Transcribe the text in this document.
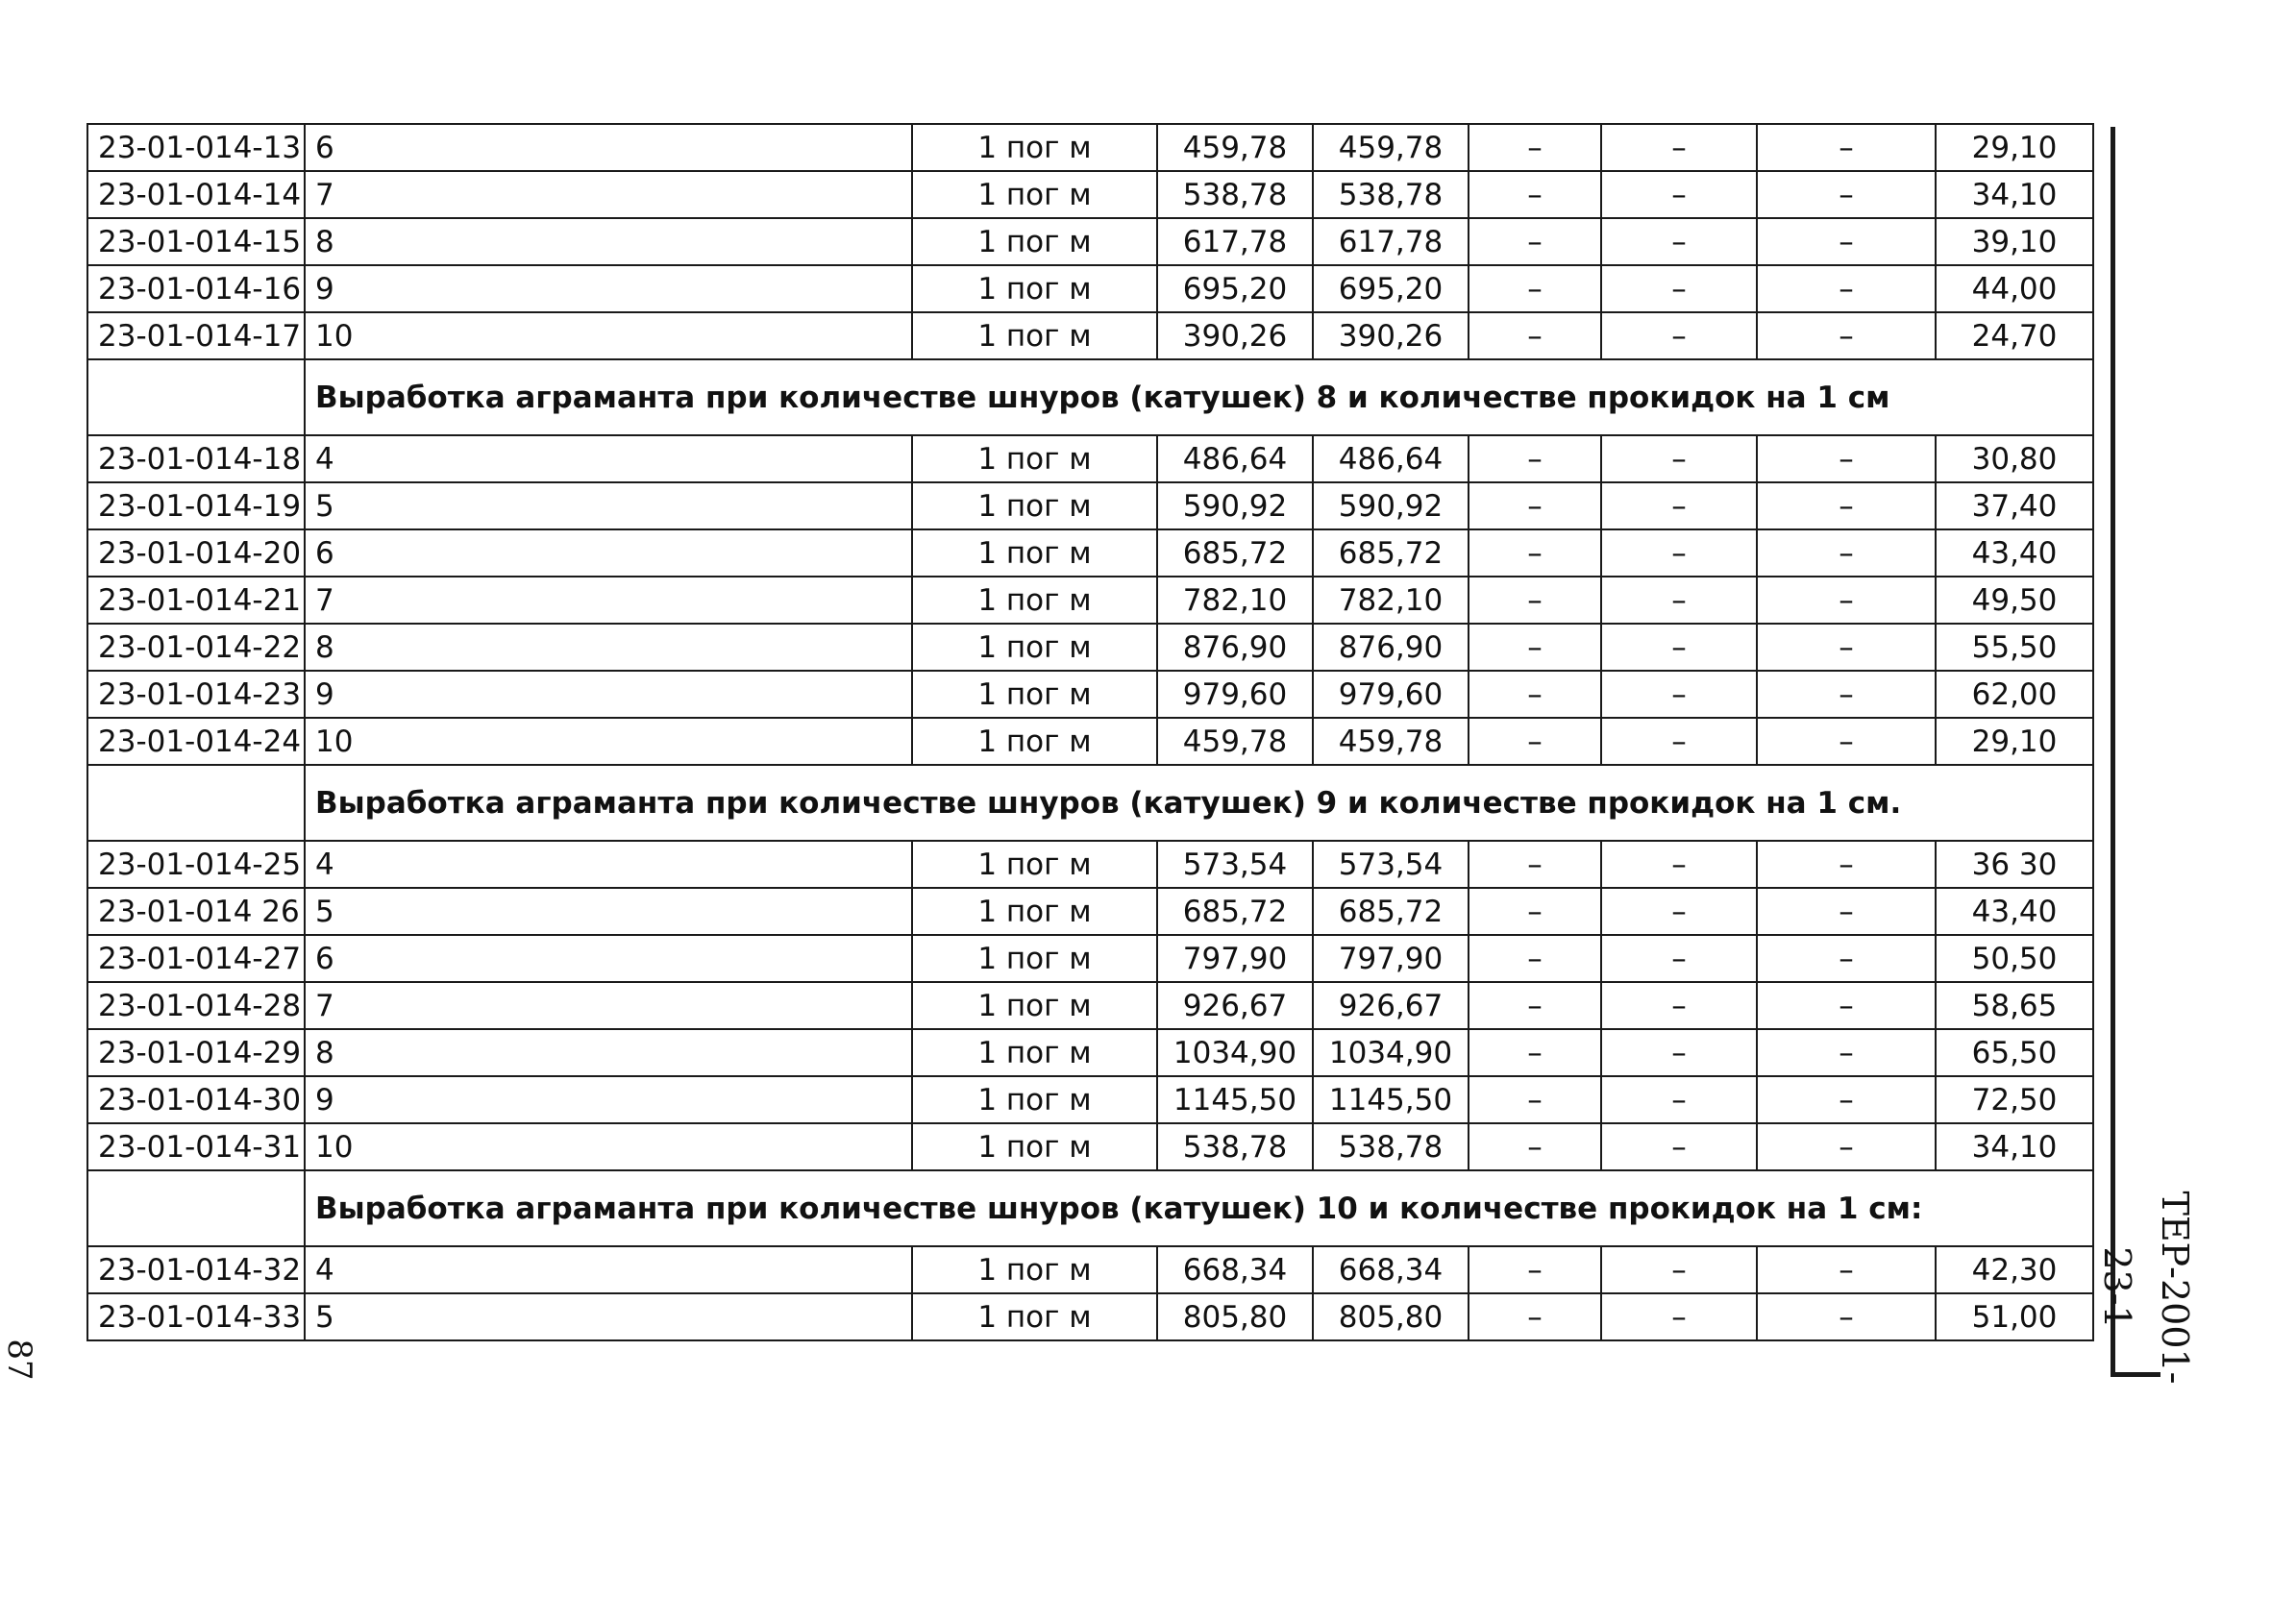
23-01-014-13	6	1 пог м	459,78	459,78	–	–	–	29,10
23-01-014-14	7	1 пог м	538,78	538,78	–	–	–	34,10
23-01-014-15	8	1 пог м	617,78	617,78	–	–	–	39,10
23-01-014-16	9	1 пог м	695,20	695,20	–	–	–	44,00
23-01-014-17	10	1 пог м	390,26	390,26	–	–	–	24,70
	Выработка аграманта при количестве шнуров (катушек) 8 и количестве прокидок на 1 см							
23-01-014-18	4	1 пог м	486,64	486,64	–	–	–	30,80
23-01-014-19	5	1 пог м	590,92	590,92	–	–	–	37,40
23-01-014-20	6	1 пог м	685,72	685,72	–	–	–	43,40
23-01-014-21	7	1 пог м	782,10	782,10	–	–	–	49,50
23-01-014-22	8	1 пог м	876,90	876,90	–	–	–	55,50
23-01-014-23	9	1 пог м	979,60	979,60	–	–	–	62,00
23-01-014-24	10	1 пог м	459,78	459,78	–	–	–	29,10
	Выработка аграманта при количестве шнуров (катушек) 9 и количестве прокидок на 1 см.							
23-01-014-25	4	1 пог м	573,54	573,54	–	–	–	36 30
23-01-014 26	5	1 пог м	685,72	685,72	–	–	–	43,40
23-01-014-27	6	1 пог м	797,90	797,90	–	–	–	50,50
23-01-014-28	7	1 пог м	926,67	926,67	–	–	–	58,65
23-01-014-29	8	1 пог м	1034,90	1034,90	–	–	–	65,50
23-01-014-30	9	1 пог м	1145,50	1145,50	–	–	–	72,50
23-01-014-31	10	1 пог м	538,78	538,78	–	–	–	34,10
	Выработка аграманта при количестве шнуров (катушек) 10 и количестве прокидок на 1 см:							
23-01-014-32	4	1 пог м	668,34	668,34	–	–	–	42,30
23-01-014-33	5	1 пог м	805,80	805,80	–	–	–	51,00	ТЕР-2001-23-1
87
